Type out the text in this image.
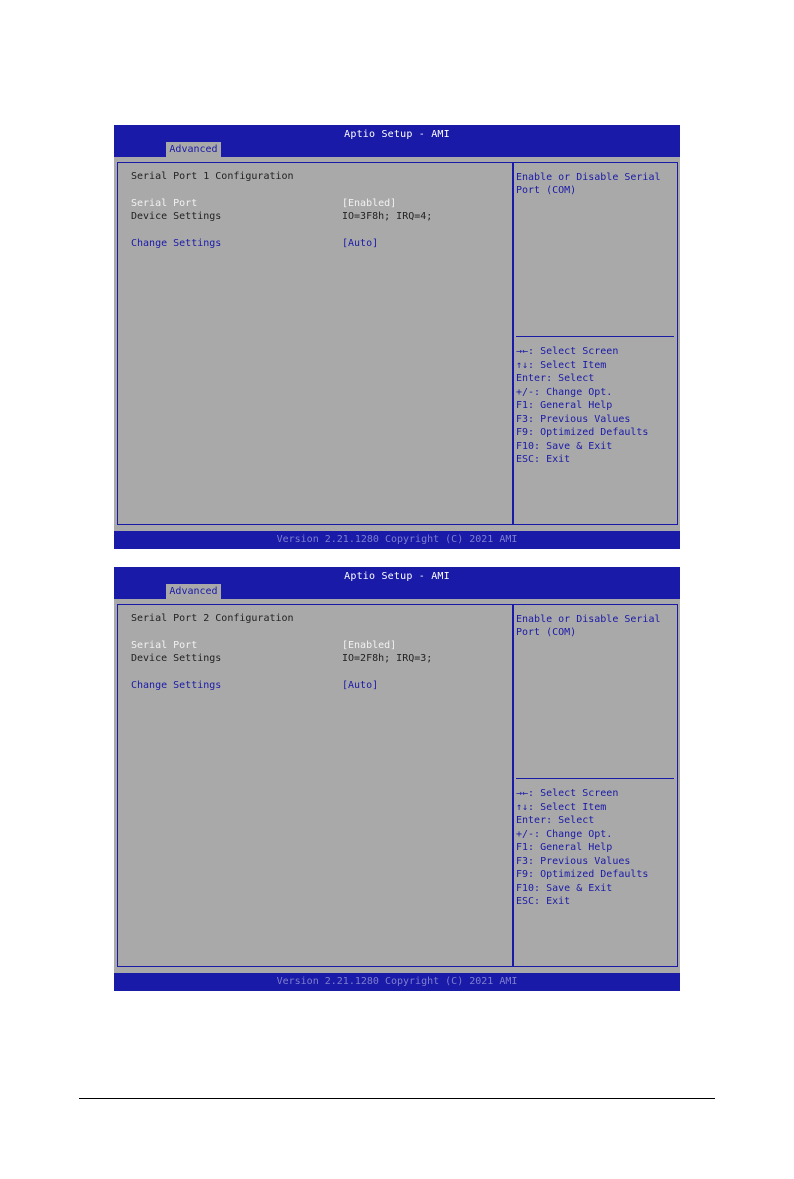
Aptio Setup - AMI
Advanced
Serial Port 1 Configuration
Serial Port	[Enabled]
Device Settings	IO=3F8h; IRQ=4;
Change Settings	[Auto]
Enable or Disable Serial Port (COM)
→←: Select Screen
↑↓: Select Item
Enter: Select
+/-: Change Opt.
F1: General Help
F3: Previous Values
F9: Optimized Defaults
F10: Save & Exit
ESC: Exit
Version 2.21.1280 Copyright (C) 2021 AMI
Aptio Setup - AMI
Advanced
Serial Port 2 Configuration
Serial Port	[Enabled]
Device Settings	IO=2F8h; IRQ=3;
Change Settings	[Auto]
Enable or Disable Serial Port (COM)
→←: Select Screen
↑↓: Select Item
Enter: Select
+/-: Change Opt.
F1: General Help
F3: Previous Values
F9: Optimized Defaults
F10: Save & Exit
ESC: Exit
Version 2.21.1280 Copyright (C) 2021 AMI
